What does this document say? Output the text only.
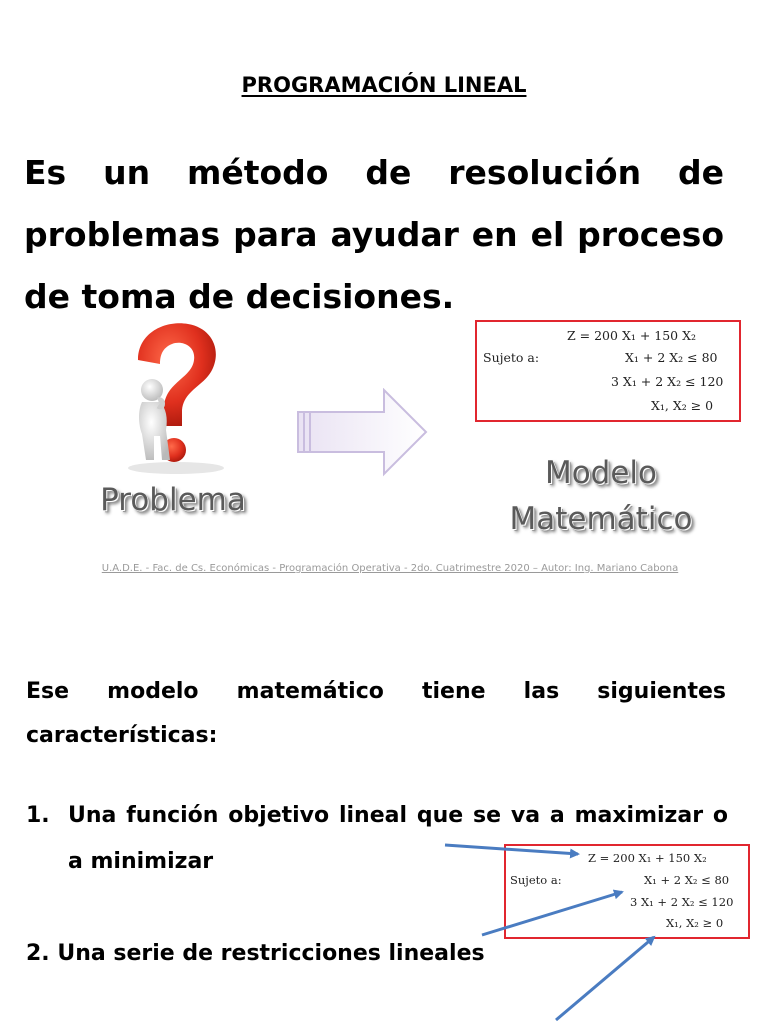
PROGRAMACIÓN LINEAL
Es un método de resolución de problemas para ayudar en el proceso de toma de decisiones.
Problema
Z = 200 X₁ + 150 X₂
Sujeto a:	X₁ + 2 X₂ ≤ 80
3 X₁ + 2 X₂ ≤ 120
X₁, X₂ ≥ 0
Modelo
Matemático
U.A.D.E. - Fac. de Cs. Económicas - Programación Operativa - 2do. Cuatrimestre 2020 – Autor: Ing. Mariano Cabona
Ese modelo matemático tiene las siguientes características:
1. Una función objetivo lineal que se va a maximizar o a minimizar	Z = 200 X₁ + 150 X₂
Sujeto a:	X₁ + 2 X₂ ≤ 80
3 X₁ + 2 X₂ ≤ 120
X₁, X₂ ≥ 0
2. Una serie de restricciones lineales
